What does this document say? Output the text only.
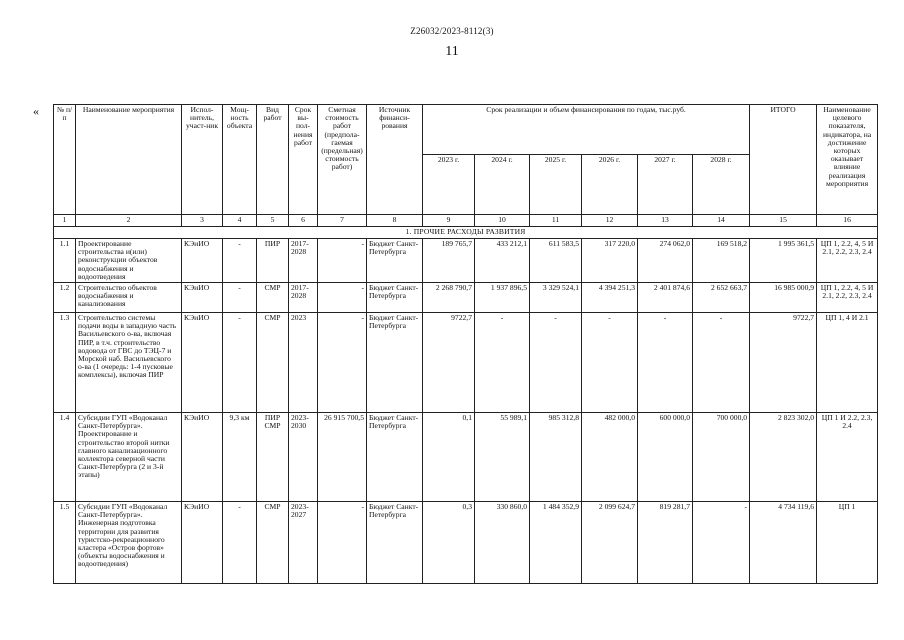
Z26032/2023-8112(3)
11
« № п/п	Наименование мероприятия	Испол-нитель, участ-ник	Мощ-ность объекта	Вид работ	Срок вы-пол-нения работ	Сметная стоимость работ (предпола-гаемая (предельная) стоимость работ)	Источник финанси-рования	Срок реализации и объем финансирования по годам, тыс.руб.						ИТОГО	Наименование целевого показателя, индикатора, на достижение которых оказывает влияние реализация мероприятия
								2023 г.	2024 г.	2025 г.	2026 г.	2027 г.	2028 г.		
1	2	3	4	5	6	7	8	9	10	11	12	13	14	15	16
1. ПРОЧИЕ РАСХОДЫ РАЗВИТИЯ															
1.1	Проектирование строительства и(или) реконструкции объектов водоснабжения и водоотведения	КЭиИО	-	ПИР	2017-2028	-	Бюджет Санкт-Петербурга	189 765,7	433 212,1	611 583,5	317 220,0	274 062,0	169 518,2	1 995 361,5	ЦП 1, 2.2, 4, 5 И 2.1, 2.2, 2.3, 2.4
1.2	Строительство объектов водоснабжения и канализования	КЭиИО	-	СМР	2017-2028	-	Бюджет Санкт-Петербурга	2 268 790,7	1 937 896,5	3 329 524,1	4 394 251,3	2 401 874,6	2 652 663,7	16 985 000,9	ЦП 1, 2.2, 4, 5 И 2.1, 2.2, 2.3, 2.4
1.3	Строительство системы подачи воды в западную часть Васильевского о-ва, включая ПИР, в т.ч. строительство водовода от ГВС до ТЭЦ-7 и Морской наб. Васильевского о-ва (1 очередь: 1-4 пусковые комплексы), включая ПИР	КЭиИО	-	СМР	2023	-	Бюджет Санкт-Петербурга	9722,7	-	-	-	-	-	9722,7	ЦП 1, 4 И 2.1
1.4	Субсидии ГУП «Водоканал Санкт-Петербурга». Проектирование и строительство второй нитки главного канализационного коллектора северной части Санкт-Петербурга (2 и 3-й этапы)	КЭиИО	9,3 км	ПИР СМР	2023-2030	26 915 700,5	Бюджет Санкт-Петербурга	0,1	55 989,1	985 312,8	482 000,0	600 000,0	700 000,0	2 823 302,0	ЦП 1 И 2.2, 2.3, 2.4
1.5	Субсидии ГУП «Водоканал Санкт-Петербурга». Инженерная подготовка территории для развития туристско-рекреационного кластера «Остров фортов» (объекты водоснабжения и водоотведения)	КЭиИО	-	СМР	2023-2027	-	Бюджет Санкт-Петербурга	0,3	330 860,0	1 484 352,9	2 099 624,7	819 281,7	-	4 734 119,6	ЦП 1
